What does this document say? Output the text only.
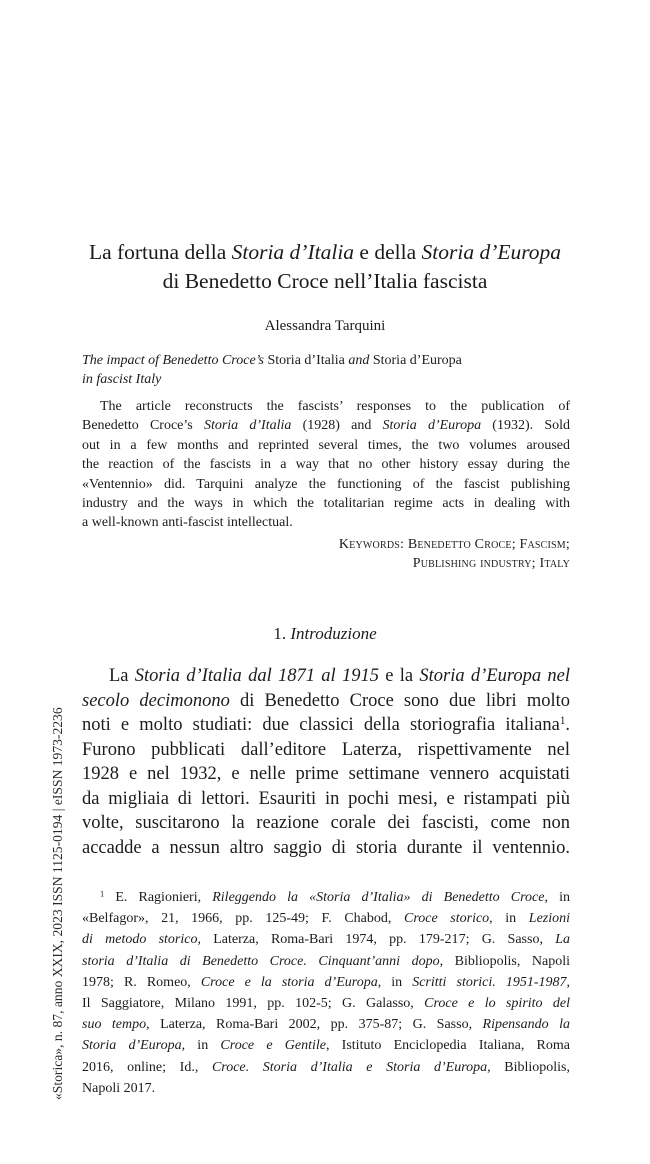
La fortuna della Storia d’Italia e della Storia d’Europa
di Benedetto Croce nell’Italia fascista
Alessandra Tarquini
The impact of Benedetto Croce’s Storia d’Italia and Storia d’Europa
in fascist Italy
The article reconstructs the fascists’ responses to the publication of
Benedetto Croce’s Storia d’Italia (1928) and Storia d’Europa (1932). Sold
out in a few months and reprinted several times, the two volumes aroused
the reaction of the fascists in a way that no other history essay during the
«Ventennio» did. Tarquini analyze the functioning of the fascist publishing
industry and the ways in which the totalitarian regime acts in dealing with
a well-known anti-fascist intellectual.
Keywords: Benedetto Croce; Fascism;
Publishing industry; Italy
1. Introduzione
La Storia d’Italia dal 1871 al 1915 e la Storia d’Europa nel
secolo decimonono di Benedetto Croce sono due libri molto
noti e molto studiati: due classici della storiografia italiana$^1$.
Furono pubblicati dall’editore Laterza, rispettivamente nel
1928 e nel 1932, e nelle prime settimane vennero acquistati
da migliaia di lettori. Esauriti in pochi mesi, e ristampati più
volte, suscitarono la reazione corale dei fascisti, come non
accadde a nessun altro saggio di storia durante il ventennio.
$^1$ E. Ragionieri, Rileggendo la «Storia d’Italia» di Benedetto Croce, in
«Belfagor», 21, 1966, pp. 125-49; F. Chabod, Croce storico, in Lezioni
di metodo storico, Laterza, Roma-Bari 1974, pp. 179-217; G. Sasso, La
storia d’Italia di Benedetto Croce. Cinquant’anni dopo, Bibliopolis, Napoli
1978; R. Romeo, Croce e la storia d’Europa, in Scritti storici. 1951-1987,
Il Saggiatore, Milano 1991, pp. 102-5; G. Galasso, Croce e lo spirito del
suo tempo, Laterza, Roma-Bari 2002, pp. 375-87; G. Sasso, Ripensando la
Storia d’Europa, in Croce e Gentile, Istituto Enciclopedia Italiana, Roma
2016, online; Id., Croce. Storia d’Italia e Storia d’Europa, Bibliopolis,
Napoli 2017.
«Storica», n. 87, anno XXIX, 2023 ISSN 1125-0194 | eISSN 1973-2236
